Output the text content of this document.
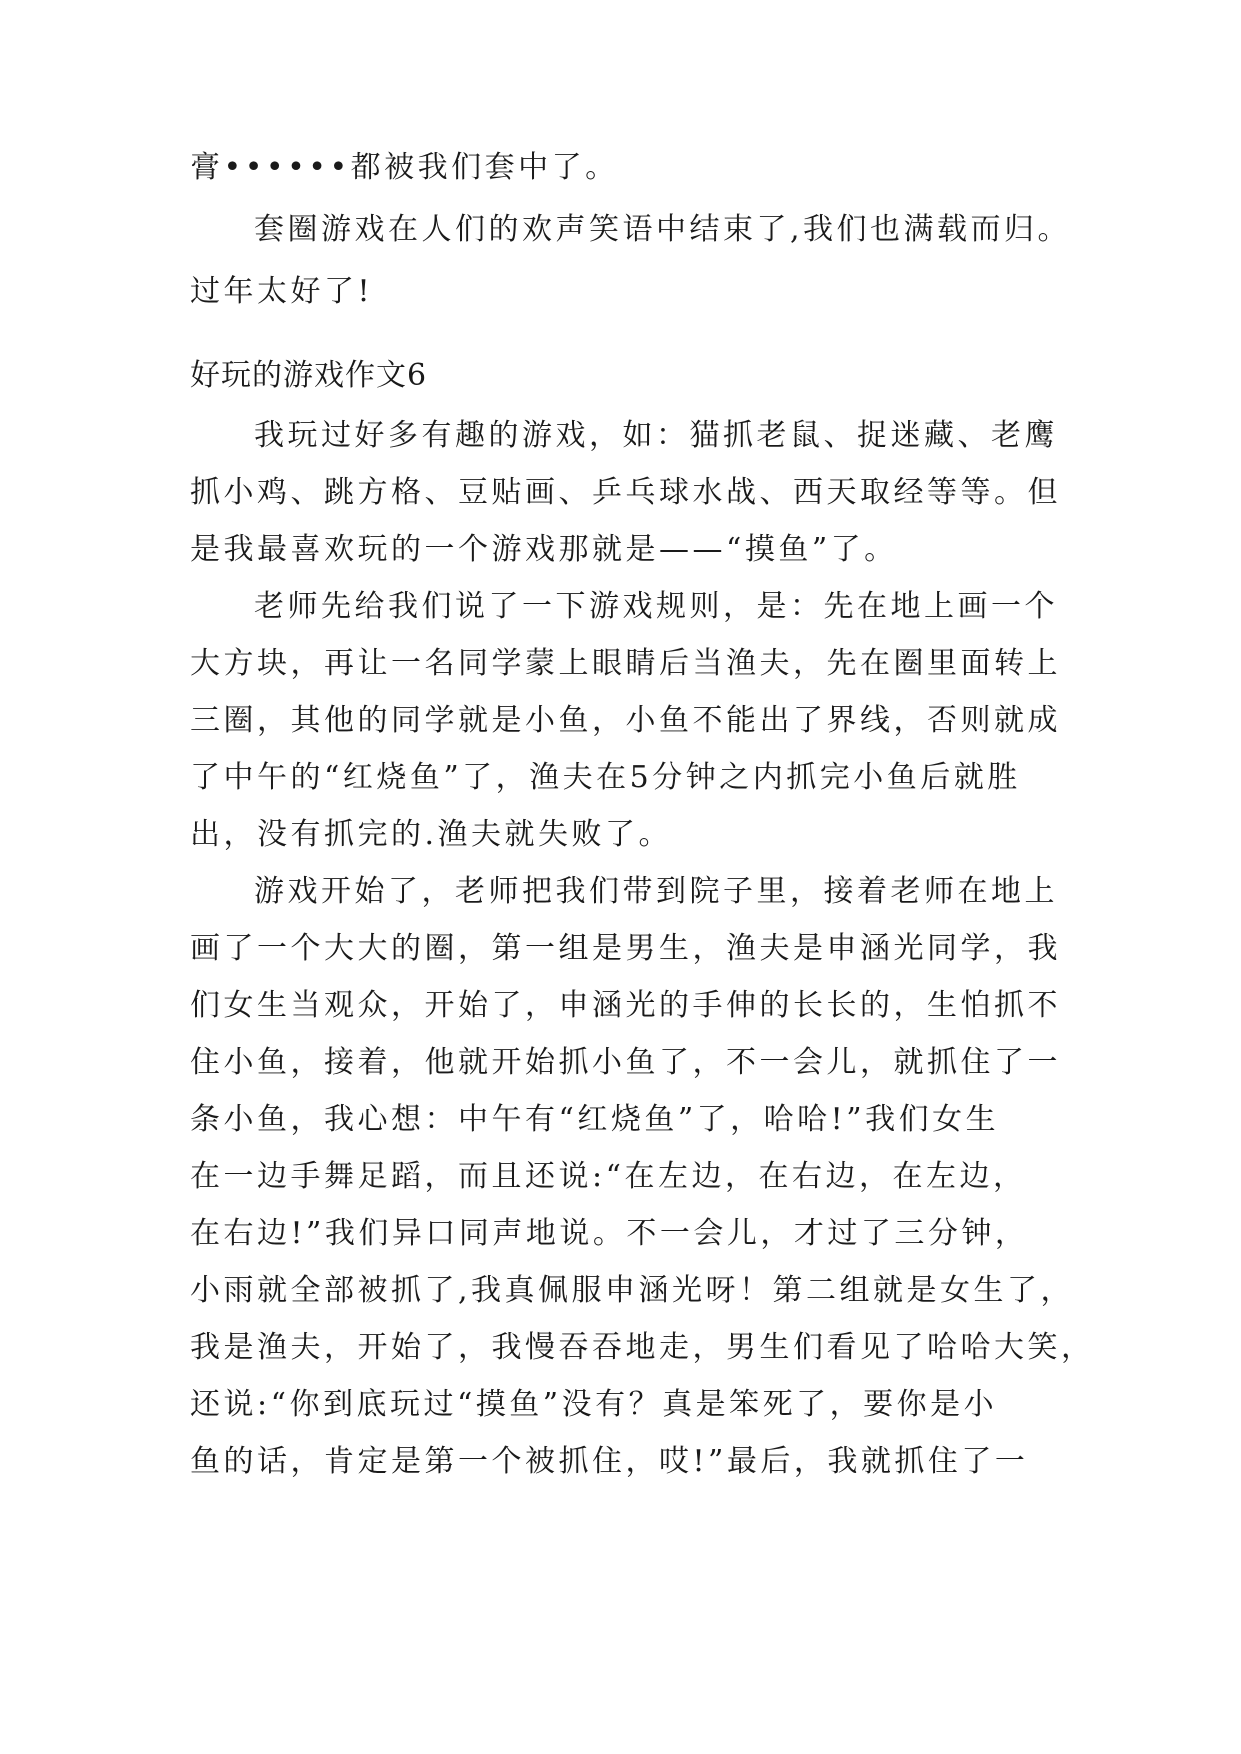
膏••••••都被我们套中了。
套圈游戏在人们的欢声笑语中结束了,我们也满载而归。
过年太好了!
好玩的游戏作文6
我玩过好多有趣的游戏，如：猫抓老鼠、捉迷藏、老鹰
抓小鸡、跳方格、豆贴画、乒乓球水战、西天取经等等。但
是我最喜欢玩的一个游戏那就是——“摸鱼”了。
老师先给我们说了一下游戏规则，是：先在地上画一个
大方块，再让一名同学蒙上眼睛后当渔夫，先在圈里面转上
三圈，其他的同学就是小鱼，小鱼不能出了界线，否则就成
了中午的“红烧鱼”了，渔夫在5分钟之内抓完小鱼后就胜
出，没有抓完的.渔夫就失败了。
游戏开始了，老师把我们带到院子里，接着老师在地上
画了一个大大的圈，第一组是男生，渔夫是申涵光同学，我
们女生当观众，开始了，申涵光的手伸的长长的，生怕抓不
住小鱼，接着，他就开始抓小鱼了，不一会儿，就抓住了一
条小鱼，我心想：中午有“红烧鱼”了，哈哈!”我们女生
在一边手舞足蹈，而且还说:“在左边，在右边，在左边，
在右边!”我们异口同声地说。不一会儿，才过了三分钟，
小雨就全部被抓了,我真佩服申涵光呀！第二组就是女生了，
我是渔夫，开始了，我慢吞吞地走，男生们看见了哈哈大笑，
还说:“你到底玩过“摸鱼”没有？真是笨死了，要你是小
鱼的话，肯定是第一个被抓住，哎!”最后，我就抓住了一
